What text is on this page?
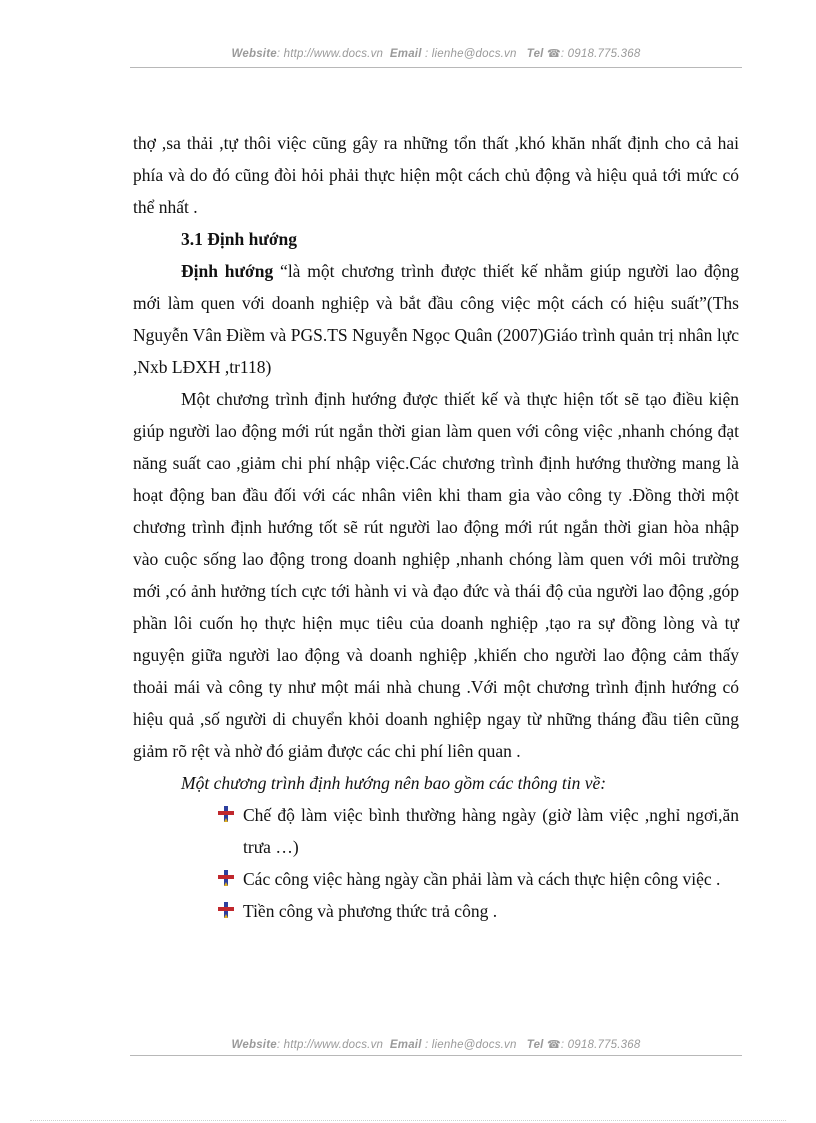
Website: http://www.docs.vn Email : lienhe@docs.vn Tel ☎: 0918.775.368

thợ ,sa thải ,tự thôi việc cũng gây ra những tổn thất ,khó khăn nhất định cho cả hai phía và do đó cũng đòi hỏi phải thực hiện một cách chủ động và hiệu quả tới mức có thể nhất .

3.1 Định hướng

Định hướng “là một chương trình được thiết kế nhằm giúp người lao động mới làm quen với doanh nghiệp và bắt đầu công việc một cách có hiệu suất”(Ths Nguyễn Vân Điềm và PGS.TS Nguyễn Ngọc Quân (2007)Giáo trình quản trị nhân lực ,Nxb LĐXH ,tr118)

Một chương trình định hướng được thiết kế và thực hiện tốt sẽ tạo điều kiện giúp người lao động mới rút ngắn thời gian làm quen với công việc ,nhanh chóng đạt năng suất cao ,giảm chi phí nhập việc.Các chương trình định hướng thường mang là hoạt động ban đầu đối với các nhân viên khi tham gia vào công ty .Đồng thời một chương trình định hướng tốt sẽ rút người lao động mới rút ngắn thời gian hòa nhập vào cuộc sống lao động trong doanh nghiệp ,nhanh chóng làm quen với môi trường mới ,có ảnh hưởng tích cực tới hành vi và đạo đức và thái độ của người lao động ,góp phần lôi cuốn họ thực hiện mục tiêu của doanh nghiệp ,tạo ra sự đồng lòng và tự nguyện giữa người lao động và doanh nghiệp ,khiến cho người lao động cảm thấy thoải mái và công ty như một mái nhà chung .Với một chương trình định hướng có hiệu quả ,số người di chuyển khỏi doanh nghiệp ngay từ những tháng đầu tiên cũng giảm rõ rệt và nhờ đó giảm được các chi phí liên quan .

Một chương trình định hướng nên bao gồm các thông tin về:

Chế độ làm việc bình thường hàng ngày (giờ làm việc ,nghỉ ngơi,ăn trưa …)
Các công việc hàng ngày cần phải làm và cách thực hiện công việc .
Tiền công và phương thức trả công .
Website: http://www.docs.vn Email : lienhe@docs.vn Tel ☎: 0918.775.368
